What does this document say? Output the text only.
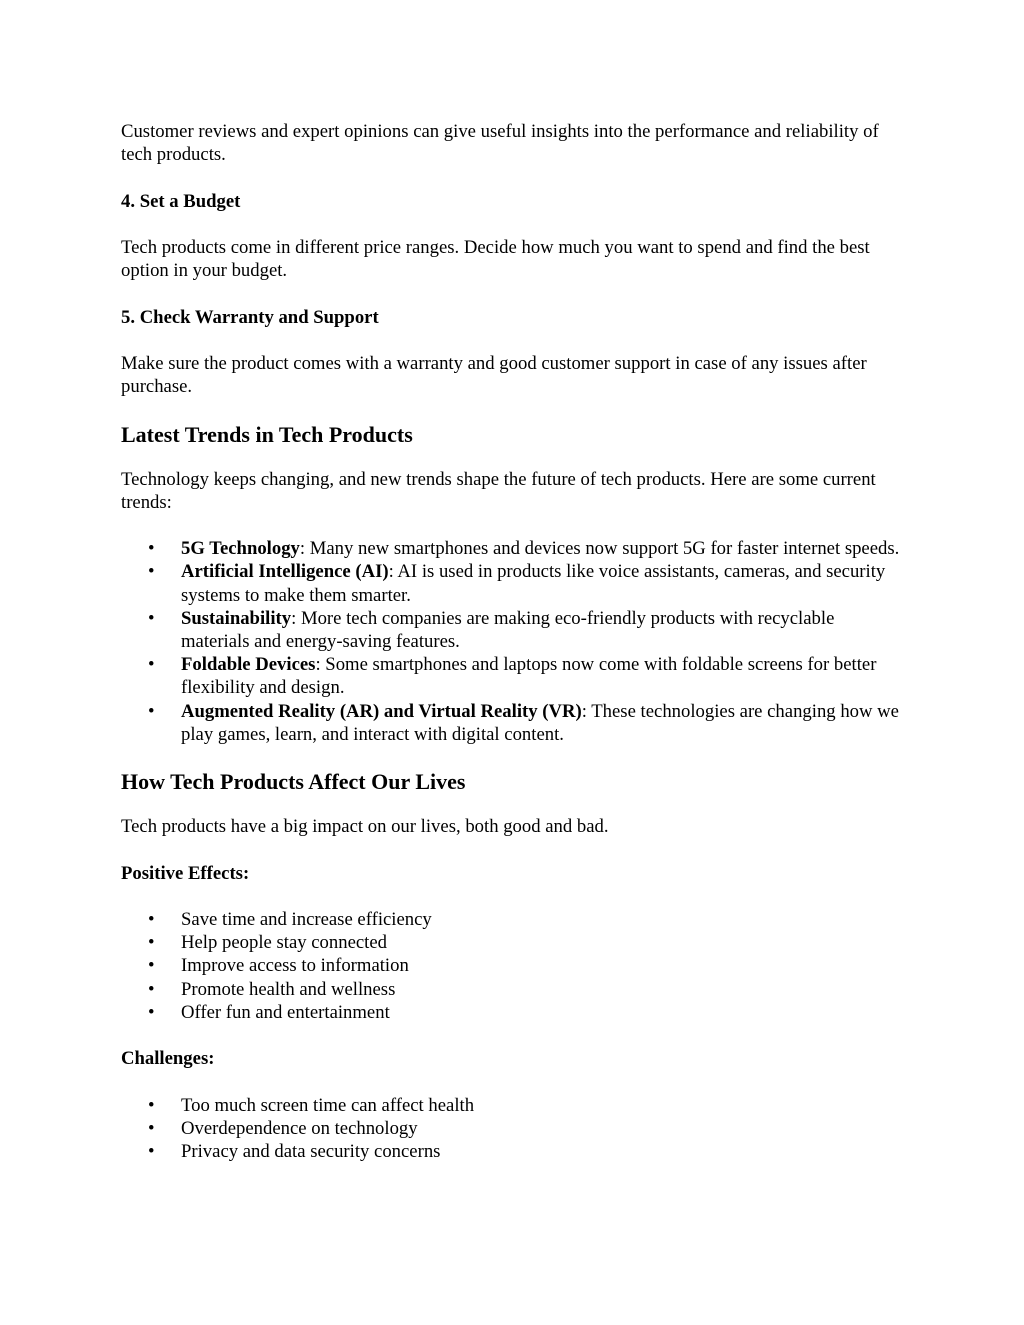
Customer reviews and expert opinions can give useful insights into the performance and reliability of tech products.

4. Set a Budget

Tech products come in different price ranges. Decide how much you want to spend and find the best option in your budget.

5. Check Warranty and Support

Make sure the product comes with a warranty and good customer support in case of any issues after purchase.

Latest Trends in Tech Products

Technology keeps changing, and new trends shape the future of tech products. Here are some current trends:

• 5G Technology: Many new smartphones and devices now support 5G for faster internet speeds.
• Artificial Intelligence (AI): AI is used in products like voice assistants, cameras, and security systems to make them smarter.
• Sustainability: More tech companies are making eco-friendly products with recyclable materials and energy-saving features.
• Foldable Devices: Some smartphones and laptops now come with foldable screens for better flexibility and design.
• Augmented Reality (AR) and Virtual Reality (VR): These technologies are changing how we play games, learn, and interact with digital content.
How Tech Products Affect Our Lives

Tech products have a big impact on our lives, both good and bad.

Positive Effects:
• Save time and increase efficiency
• Help people stay connected
• Improve access to information
• Promote health and wellness
• Offer fun and entertainment
Challenges:
• Too much screen time can affect health
• Overdependence on technology
• Privacy and data security concerns
